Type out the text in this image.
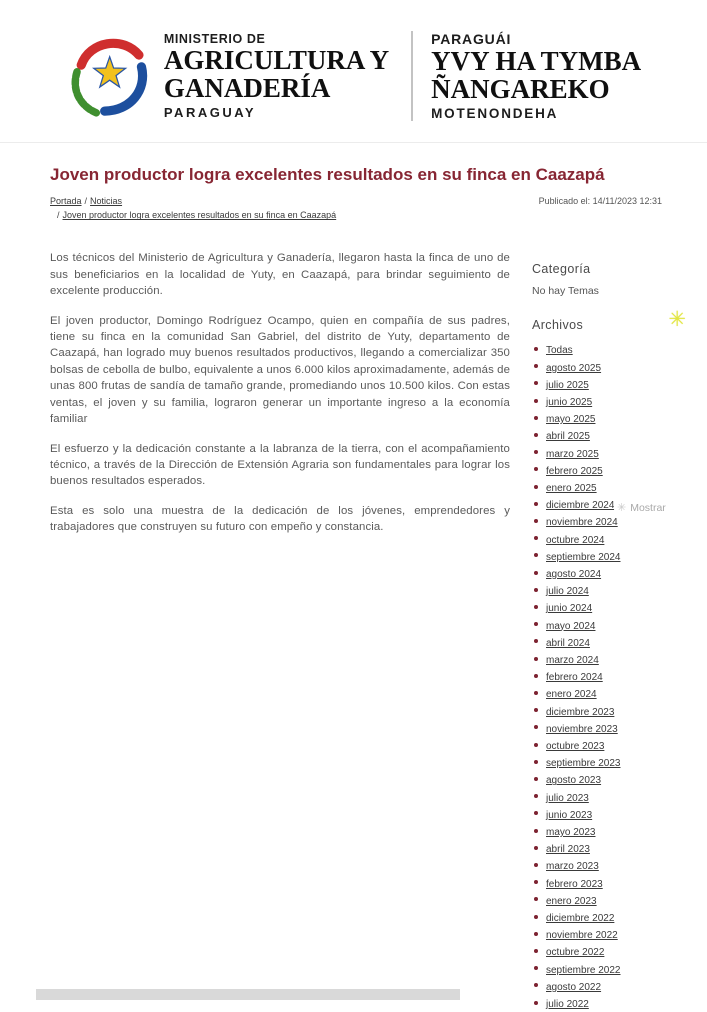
MINISTERIO DE
AGRICULTURA Y
GANADERÍA
PARAGUAY
PARAGUÁI
YVY HA TYMBA
ÑANGAREKO
MOTENONDEHA
Joven productor logra excelentes resultados en su finca en Caazapá
Portada / Noticias
/ Joven productor logra excelentes resultados en su finca en Caazapá
Publicado el: 14/11/2023 12:31

Los técnicos del Ministerio de Agricultura y Ganadería, llegaron hasta la finca de uno de sus beneficiarios en la localidad de Yuty, en Caazapá, para brindar seguimiento de excelente producción.

El joven productor, Domingo Rodríguez Ocampo, quien en compañía de sus padres, tiene su finca en la comunidad San Gabriel, del distrito de Yuty, departamento de Caazapá, han logrado muy buenos resultados productivos, llegando a comercializar 350 bolsas de cebolla de bulbo, equivalente a unos 6.000 kilos aproximadamente, además de unas 800 frutas de sandía de tamaño grande, promediando unos 10.500 kilos. Con estas ventas, el joven y su familia, lograron generar un importante ingreso a la economía familiar

El esfuerzo y la dedicación constante a la labranza de la tierra, con el acompañamiento técnico, a través de la Dirección de Extensión Agraria son fundamentales para lograr los buenos resultados esperados.

Esta es solo una muestra de la dedicación de los jóvenes, emprendedores y trabajadores que construyen su futuro con empeño y constancia.

Categoría
No hay Temas
Archivos
Todas
agosto 2025
julio 2025
junio 2025
mayo 2025
abril 2025
marzo 2025
febrero 2025
enero 2025
diciembre 2024
noviembre 2024
octubre 2024
septiembre 2024
agosto 2024
julio 2024
junio 2024
mayo 2024
abril 2024
marzo 2024
febrero 2024
enero 2024
diciembre 2023
noviembre 2023
octubre 2023
septiembre 2023
agosto 2023
julio 2023
junio 2023
mayo 2023
abril 2023
marzo 2023
febrero 2023
enero 2023
diciembre 2022
noviembre 2022
octubre 2022
septiembre 2022
agosto 2022
julio 2022
✳ Mostrar
✳
